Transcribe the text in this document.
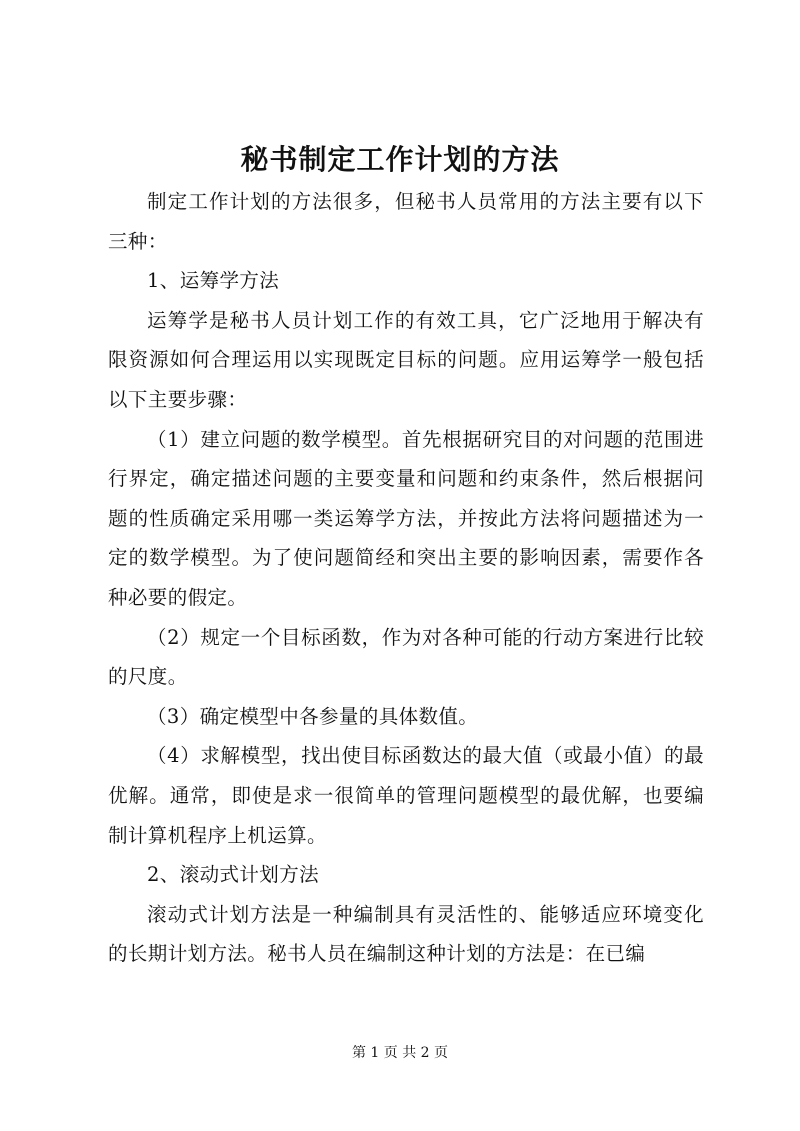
秘书制定工作计划的方法

制定工作计划的方法很多，但秘书人员常用的方法主要有以下三种：

1、运筹学方法

运筹学是秘书人员计划工作的有效工具，它广泛地用于解决有限资源如何合理运用以实现既定目标的问题。应用运筹学一般包括以下主要步骤：

（1）建立问题的数学模型。首先根据研究目的对问题的范围进行界定，确定描述问题的主要变量和问题和约束条件，然后根据问题的性质确定采用哪一类运筹学方法，并按此方法将问题描述为一定的数学模型。为了使问题简经和突出主要的影响因素，需要作各种必要的假定。

（2）规定一个目标函数，作为对各种可能的行动方案进行比较的尺度。

（3）确定模型中各参量的具体数值。

（4）求解模型，找出使目标函数达的最大值（或最小值）的最优解。通常，即使是求一很简单的管理问题模型的最优解，也要编制计算机程序上机运算。

2、滚动式计划方法

滚动式计划方法是一种编制具有灵活性的、能够适应环境变化的长期计划方法。秘书人员在编制这种计划的方法是：在已编

第 1 页 共 2 页
